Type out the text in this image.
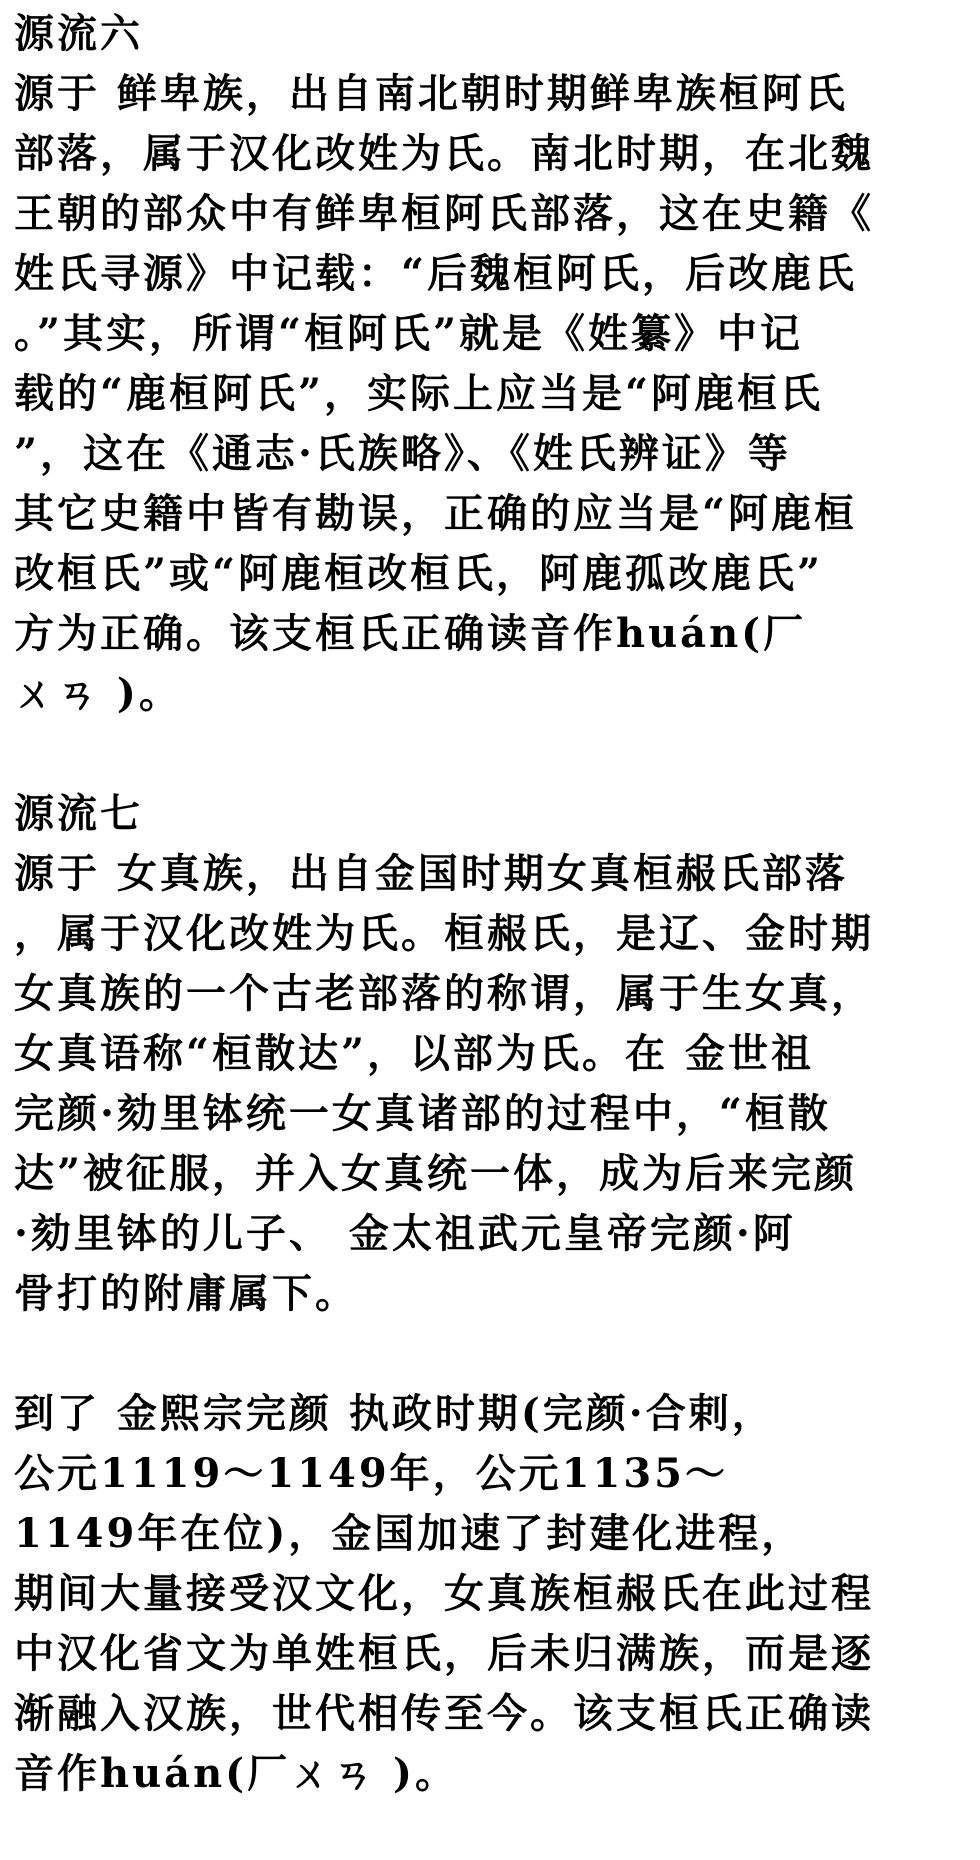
源流六
源于 鲜卑族，出自南北朝时期鲜卑族桓阿氏
部落，属于汉化改姓为氏。南北时期，在北魏
王朝的部众中有鲜卑桓阿氏部落，这在史籍《
姓氏寻源》中记载：“后魏桓阿氏，后改鹿氏
。”其实，所谓“桓阿氏”就是《姓纂》中记
载的“鹿桓阿氏”，实际上应当是“阿鹿桓氏
”，这在《通志·氏族略》、《姓氏辨证》等
其它史籍中皆有勘误，正确的应当是“阿鹿桓
改桓氏”或“阿鹿桓改桓氏，阿鹿孤改鹿氏”
方为正确。该支桓氏正确读音作huán(厂
ㄨㄢ )。
源流七
源于 女真族，出自金国时期女真桓赧氏部落
，属于汉化改姓为氏。桓赧氏，是辽、金时期
女真族的一个古老部落的称谓，属于生女真，
女真语称“桓散达”，以部为氏。在 金世祖
完颜·劾里钵统一女真诸部的过程中，“桓散
达”被征服，并入女真统一体，成为后来完颜
·劾里钵的儿子、 金太祖武元皇帝完颜·阿
骨打的附庸属下。
到了 金熙宗完颜 执政时期(完颜·合剌，
公元1119～1149年，公元1135～
1149年在位)，金国加速了封建化进程，
期间大量接受汉文化，女真族桓赧氏在此过程
中汉化省文为单姓桓氏，后未归满族，而是逐
渐融入汉族，世代相传至今。该支桓氏正确读
音作huán(厂ㄨㄢ )。
